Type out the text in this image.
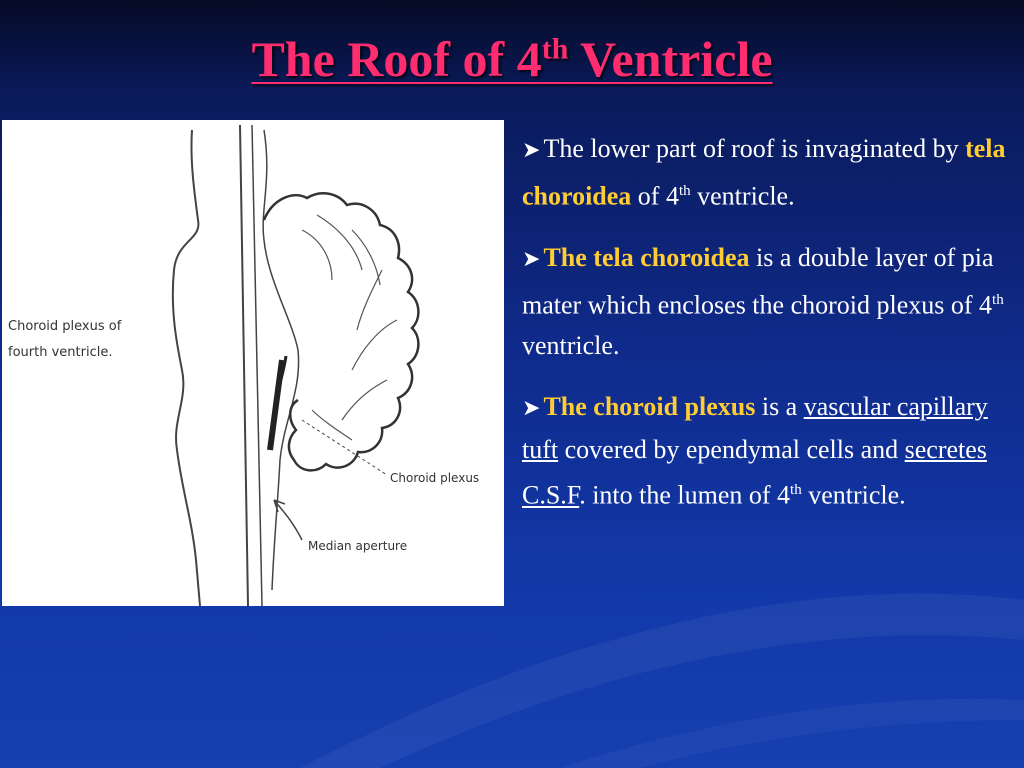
The Roof of 4th Ventricle
Choroid plexus of
fourth ventricle.
Choroid plexus
Median aperture

➤ The lower part of roof is invaginated by tela choroidea of 4th ventricle.

➤ The tela choroidea is a double layer of pia mater which encloses the choroid plexus of 4th ventricle.

➤ The choroid plexus is a vascular capillary tuft covered by ependymal cells and secretes C.S.F. into the lumen of 4th ventricle.
